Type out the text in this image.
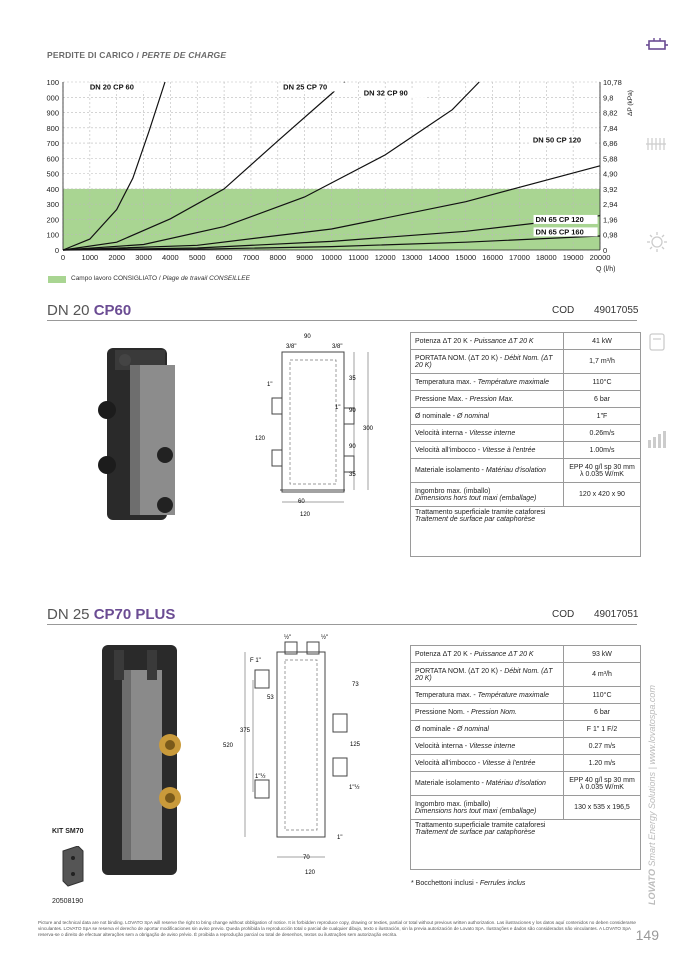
PERDITE DI CARICO / PERTE DE CHARGE
0	0
100	0,98
200	1,96
300	2,94
400	3,92
500	4,90
600	5,88
700	6,86
800	7,84
900	8,82
000	9,8
100	10,78
0 1000 2000 3000 4000 5000 6000 7000 8000 9000 10000 11000 12000 13000 14000 15000 16000 17000 18000 19000 20000
Q (l/h)
ΔP (kPa)
DN 20 CP 60	DN 25 CP 70
DN 32 CP 90
DN 50 CP 120
DN 65 CP 120
DN 65 CP 160
Campo lavoro CONSIGLIATO / Plage de travail CONSEILLEE
DN 20 CP60	COD 49017055
90
3/8"	3/8"
1"
35
90
300
1"
120
90
35
60
120
Potenza ΔT 20 K - Puissance ΔT 20 K	41 kW
PORTATA NOM. (ΔT 20 K) - Débit Nom. (ΔT 20 K)	1,7 m³/h
Temperatura max. - Température maximale	110°C
Pressione Max. - Pression Max.	6 bar
Ø nominale - Ø nominal	1"F
Velocità interna - Vitesse interne	0.26m/s
Velocità all'imbocco - Vitesse à l'entrée	1.00m/s
Materiale isolamento - Matériau d'isolation	EPP 40 g/l sp 30 mm λ 0.035 W/mK
Ingombro max. (imballo)
Dimensions hors tout maxi (emballage)	120 x 420 x 90
Trattamento superficiale tramite cataforesi
Traitement de surface par cataphorèse	
DN 25 CP70 PLUS	COD 49017051
KIT SM70
20508190
½"	½"
F 1"
73
53
520
375
125
1"½
1"½
1"
70
120
Potenza ΔT 20 K - Puissance ΔT 20 K	93 kW
PORTATA NOM. (ΔT 20 K) - Débit Nom. (ΔT 20 K)	4 m³/h
Temperatura max. - Température maximale	110°C
Pressione Nom. - Pression Nom.	6 bar
Ø nominale - Ø nominal	F 1" 1 F/2
Velocità interna - Vitesse interne	0.27 m/s
Velocità all'imbocco - Vitesse à l'entrée	1.20 m/s
Materiale isolamento - Matériau d'isolation	EPP 40 g/l sp 30 mm λ 0.035 W/mK
Ingombro max. (imballo)
Dimensions hors tout maxi (emballage)	130 x 535 x 196,5
Trattamento superficiale tramite cataforesi
Traitement de surface par cataphorèse	
* Bocchettoni inclusi - Ferrules inclus	LOVATO Smart Energy Solutions | www.lovatospa.com
149
Picture and technical data are not binding. LOVATO SpA will reserve the right to bring change without obbligation of notice. It is forbidden reproduce copy, drawing or texties, partial or total without previous written authorization. Las ilustraciones y los datos aquí contenidos no deben considerarse vinculantes. LOVATO SpA se reserva el derecho de aportar modificaciones sin aviso previo. Queda prohibida la reproducción total o parcial de cualquier dibujo, texto o ilustración, sin la previa autorización de Lovato SpA. Ilustrações e dados são considerados não vinculantes. A LOVATO SpA reserva-se o direito de efectuar alterações sem a obrigação de aviso prévio. É proibida a reprodução parcial ou total de desenhos, textos ou ilustrações sem autorização escrita.
